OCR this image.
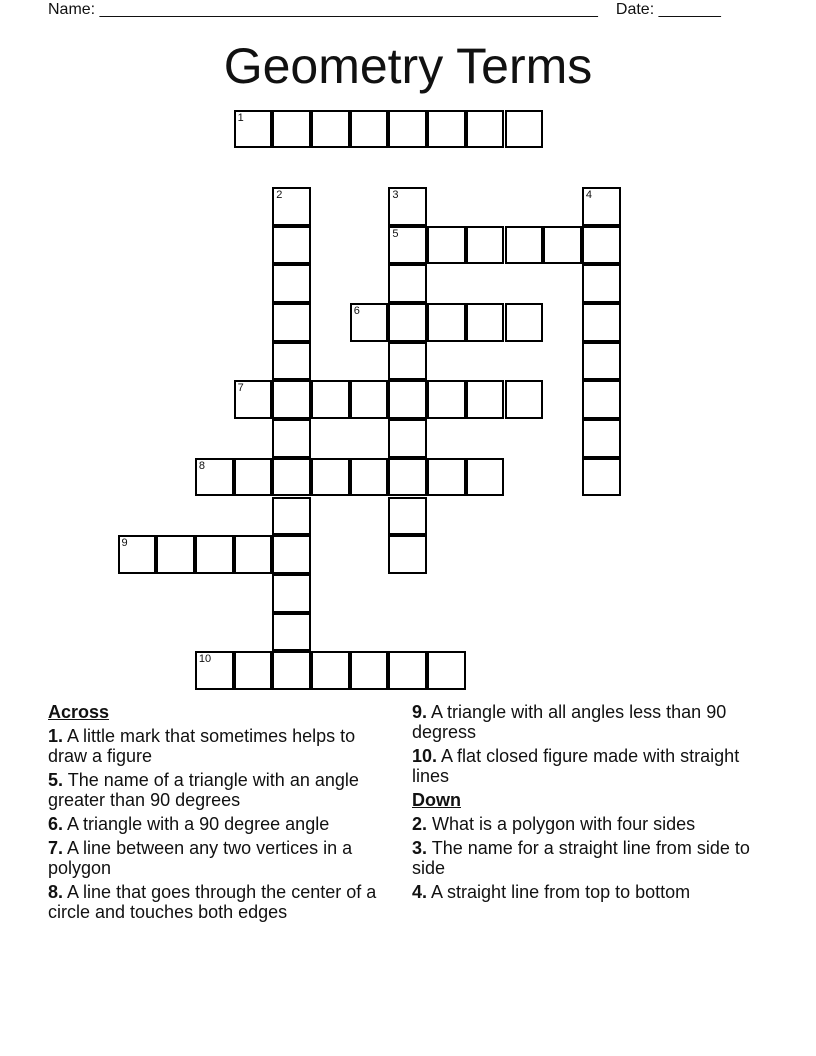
Name: ________________________________________________________ Date: _______
Geometry Terms
1
2	3
5
4
6
7
8
9
10
Across
1. A little mark that sometimes helps to draw a figure
5. The name of a triangle with an angle greater than 90 degrees
6. A triangle with a 90 degree angle
7. A line between any two vertices in a polygon
8. A line that goes through the center of a circle and touches both edges
9. A triangle with all angles less than 90 degress
10. A flat closed figure made with straight lines
Down
2. What is a polygon with four sides
3. The name for a straight line from side to side
4. A straight line from top to bottom
